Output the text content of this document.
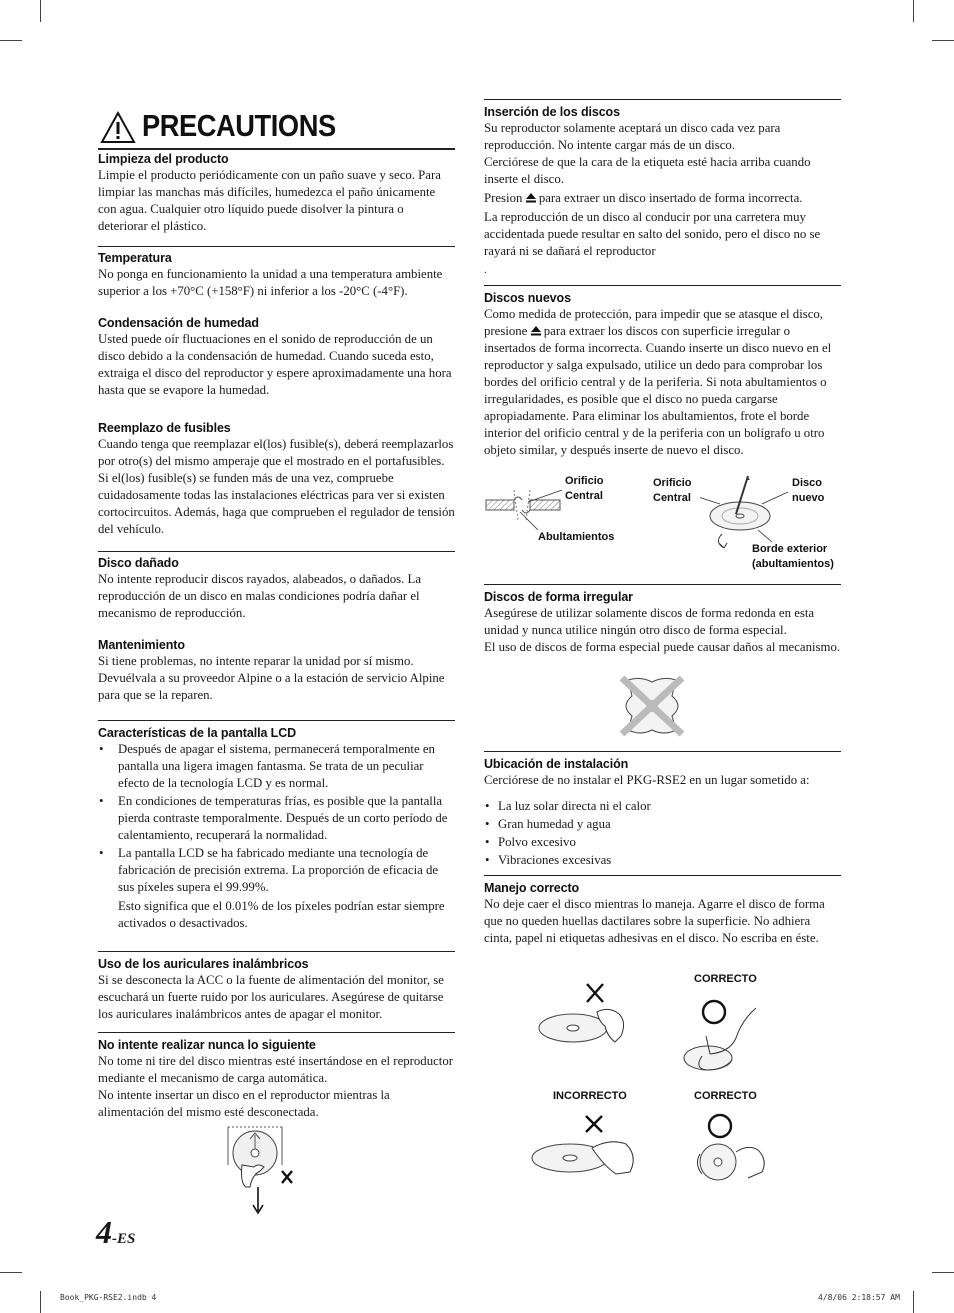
PRECAUTIONS
Limpieza del producto

Limpie el producto periódicamente con un paño suave y seco. Para limpiar las manchas más difíciles, humedezca el paño únicamente con agua. Cualquier otro líquido puede disolver la pintura o deteriorar el plástico.

Temperatura

No ponga en funcionamiento la unidad a una temperatura ambiente superior a los +70°C (+158°F) ni inferior a los -20°C (-4°F).

Condensación de humedad

Usted puede oír fluctuaciones en el sonido de reproducción de un disco debido a la condensación de humedad. Cuando suceda esto, extraiga el disco del reproductor y espere aproximadamente una hora hasta que se evapore la humedad.

Reemplazo de fusibles

Cuando tenga que reemplazar el(los) fusible(s), deberá reemplazarlos por otro(s) del mismo amperaje que el mostrado en el portafusibles. Si el(los) fusible(s) se funden más de una vez, compruebe cuidadosamente todas las instalaciones eléctricas para ver si existen cortocircuitos. Además, haga que comprueben el regulador de tensión del vehículo.

Disco dañado

No intente reproducir discos rayados, alabeados, o dañados. La reproducción de un disco en malas condiciones podría dañar el mecanismo de reproducción.

Mantenimiento

Si tiene problemas, no intente reparar la unidad por sí mismo. Devuélvala a su proveedor Alpine o a la estación de servicio Alpine para que se la reparen.

Características de la pantalla LCD
• Después de apagar el sistema, permanecerá temporalmente en pantalla una ligera imagen fantasma. Se trata de un peculiar efecto de la tecnología LCD y es normal.
• En condiciones de temperaturas frías, es posible que la pantalla pierda contraste temporalmente. Después de un corto período de calentamiento, recuperará la normalidad.
• La pantalla LCD se ha fabricado mediante una tecnología de fabricación de precisión extrema. La proporción de eficacia de sus píxeles supera el 99.99%.

Esto significa que el 0.01% de los píxeles podrían estar siempre activados o desactivados.

Uso de los auriculares inalámbricos

Si se desconecta la ACC o la fuente de alimentación del monitor, se escuchará un fuerte ruido por los auriculares. Asegúrese de quitarse los auriculares inalámbricos antes de apagar el monitor.

No intente realizar nunca lo siguiente

No tome ni tire del disco mientras esté insertándose en el reproductor mediante el mecanismo de carga automática.

No intente insertar un disco en el reproductor mientras la alimentación del mismo esté desconectada.

4-ES
Inserción de los discos

Su reproductor solamente aceptará un disco cada vez para reproducción. No intente cargar más de un disco.

Cerciórese de que la cara de la etiqueta esté hacia arriba cuando inserte el disco.

Presion para extraer un disco insertado de forma incorrecta.

La reproducción de un disco al conducir por una carretera muy accidentada puede resultar en salto del sonido, pero el disco no se rayará ni se dañará el reproductor

.

Discos nuevos

Como medida de protección, para impedir que se atasque el disco, presione para extraer los discos con superficie irregular o insertados de forma incorrecta. Cuando inserte un disco nuevo en el reproductor y salga expulsado, utilice un dedo para comprobar los bordes del orificio central y de la periferia. Si nota abultamientos o irregularidades, es posible que el disco no pueda cargarse apropiadamente. Para eliminar los abultamientos, frote el borde interior del orificio central y de la periferia con un bolígrafo u otro objeto similar, y después inserte de nuevo el disco.

Orificio
Central
Abultamientos
Orificio
Central
Disco
nuevo
Borde exterior
(abultamientos)
Discos de forma irregular

Asegúrese de utilizar solamente discos de forma redonda en esta unidad y nunca utilice ningún otro disco de forma especial.

El uso de discos de forma especial puede causar daños al mecanismo.

Ubicación de instalación

Cerciórese de no instalar el PKG-RSE2 en un lugar sometido a:

• La luz solar directa ni el calor
• Gran humedad y agua
• Polvo excesivo
• Vibraciones excesivas
Manejo correcto

No deje caer el disco mientras lo maneja. Agarre el disco de forma que no queden huellas dactilares sobre la superficie. No adhiera cinta, papel ni etiquetas adhesivas en el disco. No escriba en éste.

CORRECTO
INCORRECTO	CORRECTO
Book_PKG-RSE2.indb 4	4/8/06 2:18:57 AM
